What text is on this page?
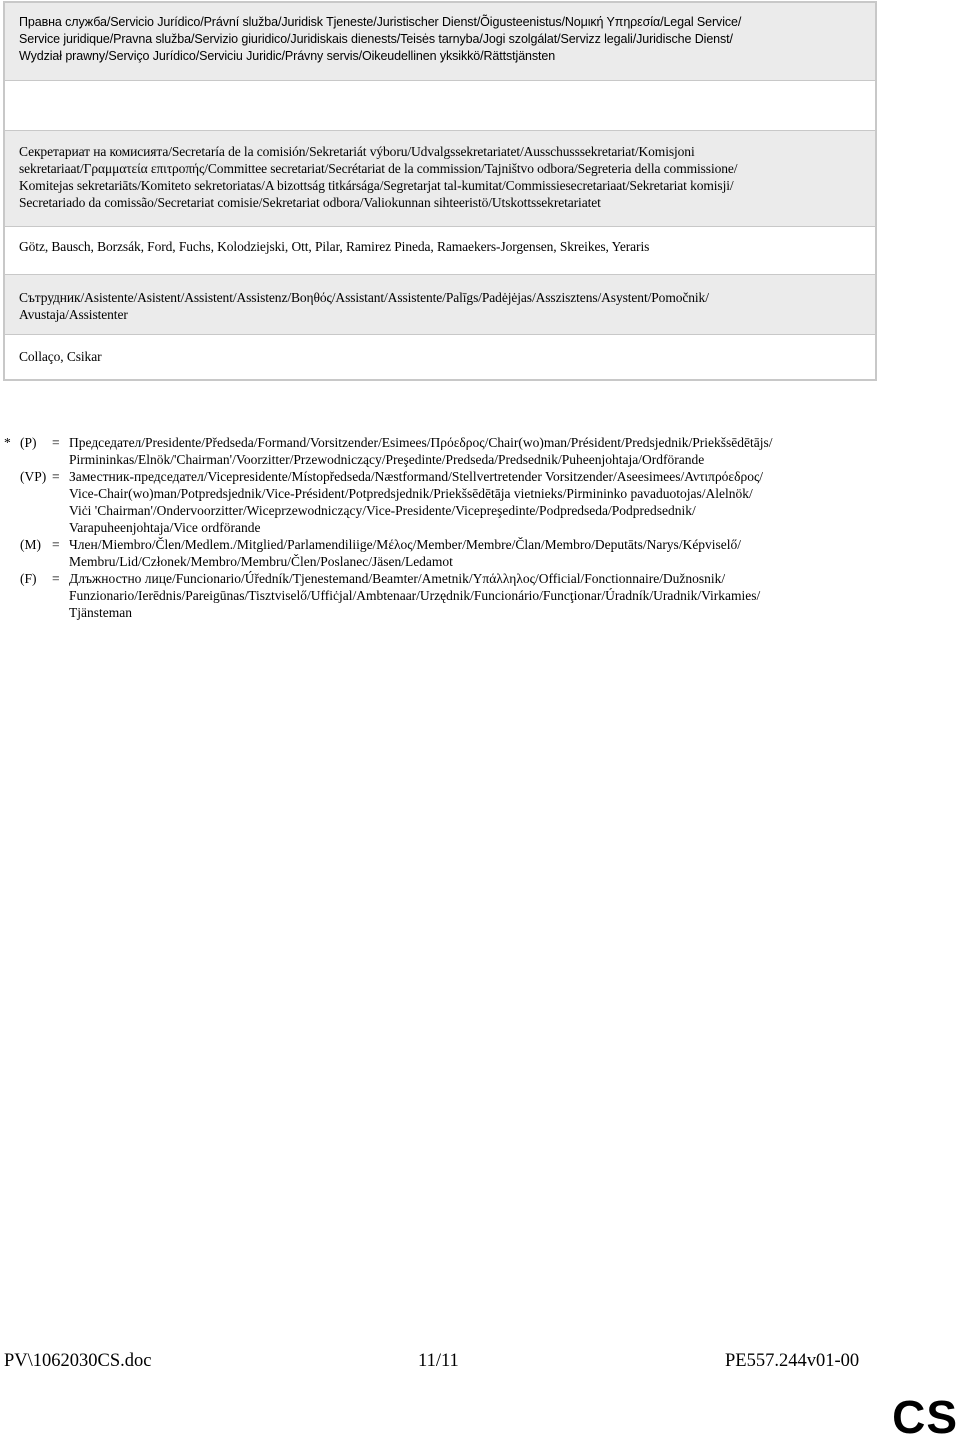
Правна служба/Servicio Jurídico/Právní služba/Juridisk Tjeneste/Juristischer Dienst/Õigusteenistus/Νομική Υπηρεσία/Legal Service/
Service juridique/Pravna služba/Servizio giuridico/Juridiskais dienests/Teisės tarnyba/Jogi szolgálat/Servizz legali/Juridische Dienst/
Wydział prawny/Serviço Jurídico/Serviciu Juridic/Právny servis/Oikeudellinen yksikkö/Rättstjänsten
Секретариат на комисията/Secretaría de la comisión/Sekretariát výboru/Udvalgssekretariatet/Ausschusssekretariat/Komisjoni
sekretariaat/Γραμματεία επιτροπής/Committee secretariat/Secrétariat de la commission/Tajništvo odbora/Segreteria della commissione/
Komitejas sekretariāts/Komiteto sekretoriatas/A bizottság titkársága/Segretarjat tal-kumitat/Commissiesecretariaat/Sekretariat komisji/
Secretariado da comissão/Secretariat comisie/Sekretariat odbora/Valiokunnan sihteeristö/Utskottssekretariatet
Götz, Bausch, Borzsák, Ford, Fuchs, Kolodziejski, Ott, Pilar, Ramirez Pineda, Ramaekers-Jorgensen, Skreikes, Yeraris
Сътрудник/Asistente/Asistent/Assistent/Assistenz/Βοηθός/Assistant/Assistente/Palīgs/Padėjėjas/Asszisztens/Asystent/Pomočnik/
Avustaja/Assistenter
Collaço, Csikar
* (P)	= Председател/Presidente/Předseda/Formand/Vorsitzender/Esimees/Πρόεδρος/Chair(wo)man/Président/Predsjednik/Priekšsēdētājs/
Pirmininkas/Elnök/'Chairman'/Voorzitter/Przewodniczący/Preşedinte/Predseda/Predsednik/Puheenjohtaja/Ordförande
(VP) = Заместник-председател/Vicepresidente/Místopředseda/Næstformand/Stellvertretender Vorsitzender/Aseesimees/Αντιπρόεδρος/
Vice-Chair(wo)man/Potpredsjednik/Vice-Président/Potpredsjednik/Priekšsēdētāja vietnieks/Pirmininko pavaduotojas/Alelnök/
Viċi 'Chairman'/Ondervoorzitter/Wiceprzewodniczący/Vice-Presidente/Vicepreşedinte/Podpredseda/Podpredsednik/
Varapuheenjohtaja/Vice ordförande
(M) = Член/Miembro/Člen/Medlem./Mitglied/Parlamendiliige/Μέλος/Member/Membre/Član/Membro/Deputāts/Narys/Képviselő/
Membru/Lid/Członek/Membro/Membru/Člen/Poslanec/Jäsen/Ledamot
(F)	= Длъжностно лице/Funcionario/Úředník/Tjenestemand/Beamter/Ametnik/Υπάλληλος/Official/Fonctionnaire/Dužnosnik/
Funzionario/Ierēdnis/Pareigūnas/Tisztviselő/Uffiċjal/Ambtenaar/Urzędnik/Funcionário/Funcţionar/Úradník/Uradnik/Virkamies/
Tjänsteman
PV\1062030CS.doc	11/11	PE557.244v01-00
CS
